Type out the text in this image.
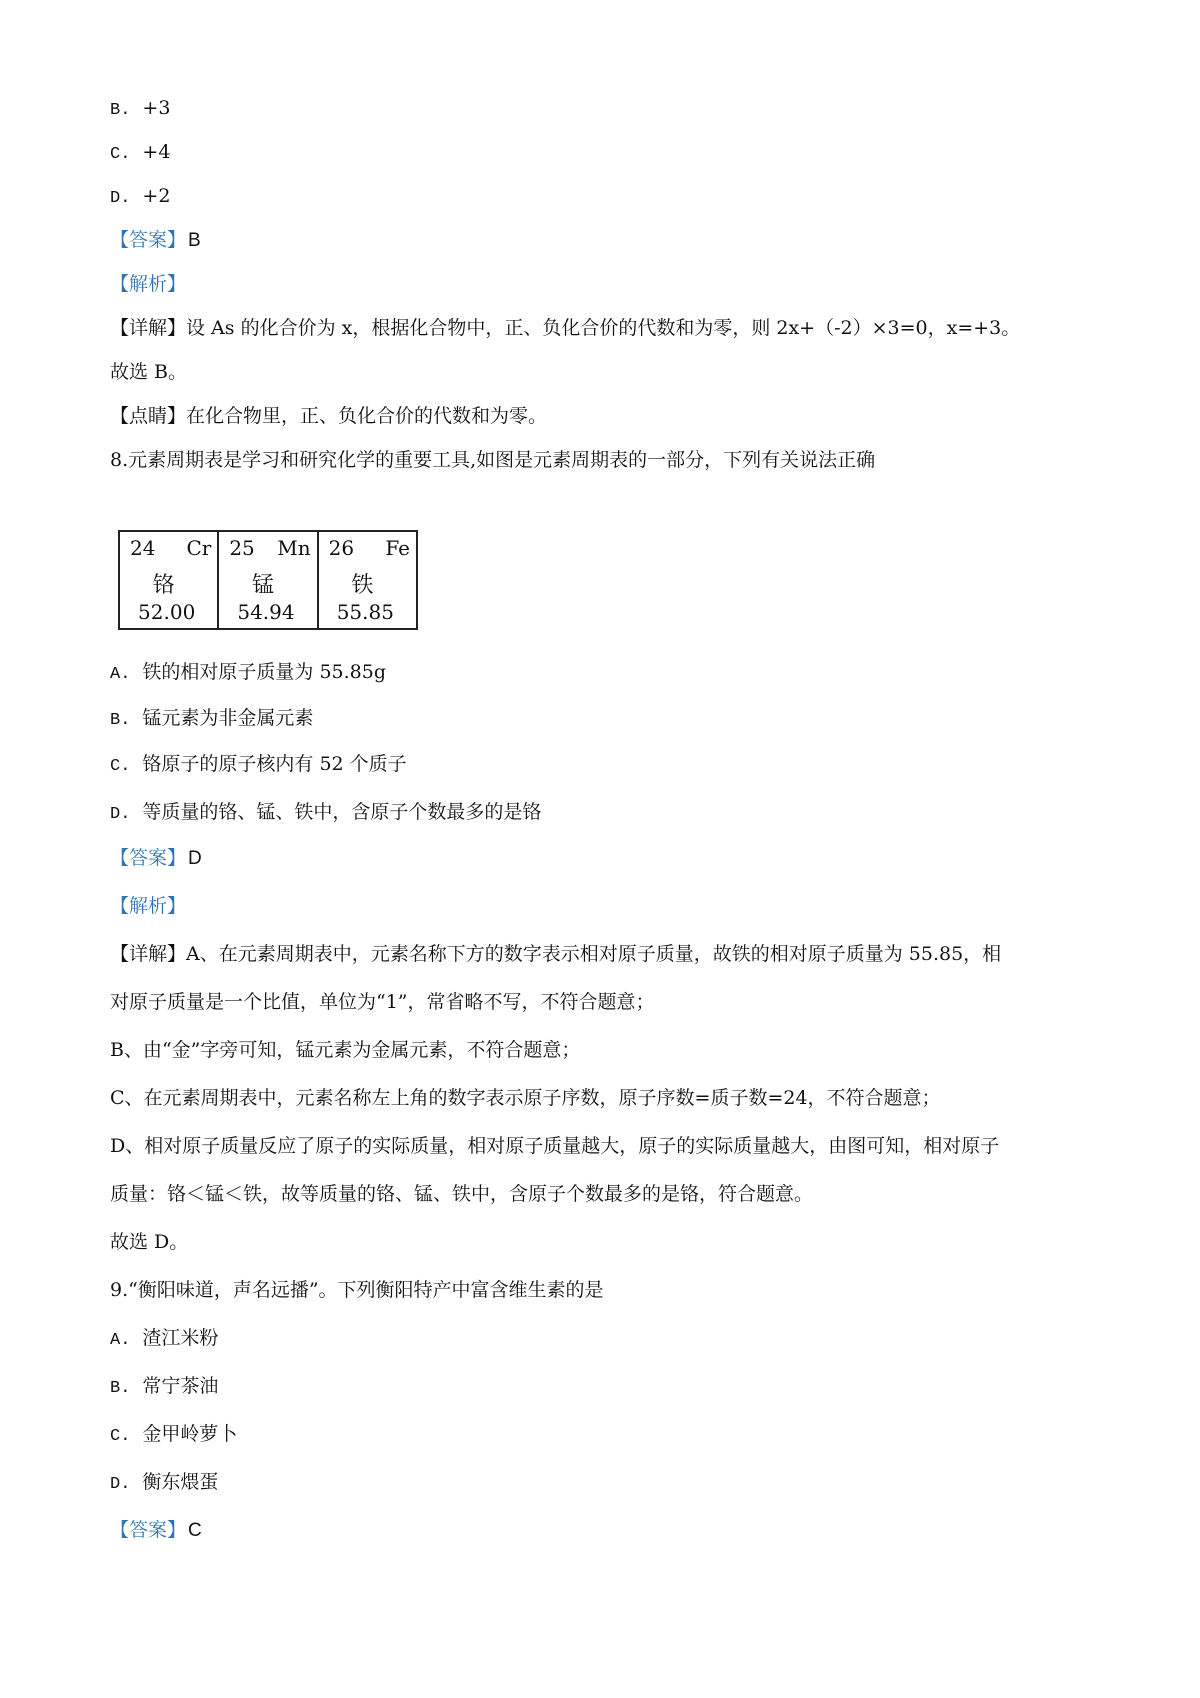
B. +3
C. +4
D. +2
【答案】 B
【解析】
【详解】设 As 的化合价为 x，根据化合物中，正、负化合价的代数和为零，则 2x+（-2）×3=0，x=+3。
故选 B。
【点睛】在化合物里，正、负化合价的代数和为零。
8.元素周期表是学习和研究化学的重要工具,如图是元素周期表的一部分，下列有关说法正确
24 Cr
铬
52.00
25 Mn
锰
54.94
26 Fe
铁
55.85
A. 铁的相对原子质量为 55.85g
B. 锰元素为非金属元素
C. 铬原子的原子核内有 52 个质子
D. 等质量的铬、锰、铁中，含原子个数最多的是铬
【答案】 D
【解析】
【详解】A、在元素周期表中，元素名称下方的数字表示相对原子质量，故铁的相对原子质量为 55.85，相
对原子质量是一个比值，单位为“1”，常省略不写，不符合题意；
B、由“金”字旁可知，锰元素为金属元素，不符合题意；
C、在元素周期表中，元素名称左上角的数字表示原子序数，原子序数=质子数=24，不符合题意；
D、相对原子质量反应了原子的实际质量，相对原子质量越大，原子的实际质量越大，由图可知，相对原子
质量：铬＜锰＜铁，故等质量的铬、锰、铁中，含原子个数最多的是铬，符合题意。
故选 D。
9.“衡阳味道，声名远播”。下列衡阳特产中富含维生素的是
A. 渣江米粉
B. 常宁茶油
C. 金甲岭萝卜
D. 衡东煨蛋
【答案】 C
